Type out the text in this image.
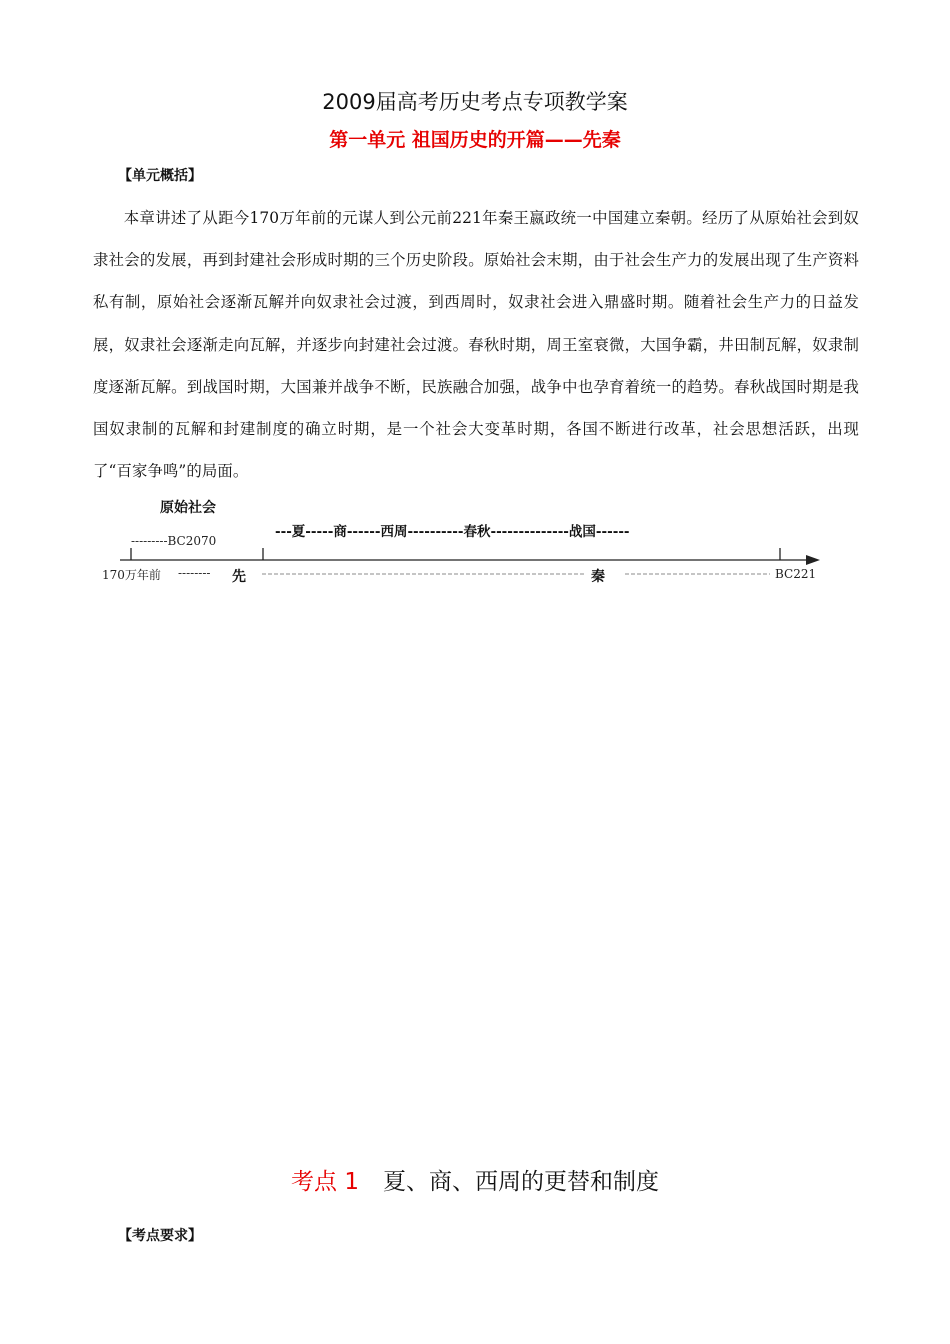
2009届高考历史考点专项教学案
第一单元 祖国历史的开篇——先秦
【单元概括】
本章讲述了从距今170万年前的元谋人到公元前221年秦王嬴政统一中国建立秦朝。经历了从原始社会到奴隶社会的发展，再到封建社会形成时期的三个历史阶段。原始社会末期，由于社会生产力的发展出现了生产资料私有制，原始社会逐渐瓦解并向奴隶社会过渡，到西周时，奴隶社会进入鼎盛时期。随着社会生产力的日益发展，奴隶社会逐渐走向瓦解，并逐步向封建社会过渡。春秋时期，周王室衰微，大国争霸，井田制瓦解，奴隶制度逐渐瓦解。到战国时期，大国兼并战争不断，民族融合加强，战争中也孕育着统一的趋势。春秋战国时期是我国奴隶制的瓦解和封建制度的确立时期，是一个社会大变革时期，各国不断进行改革，社会思想活跃，出现了“百家争鸣”的局面。
原始社会
---夏-----商------西周----------春秋--------------战国------
---------BC2070
170万年前 -------- 先	秦	BC221
考点 1 夏、商、西周的更替和制度
【考点要求】
